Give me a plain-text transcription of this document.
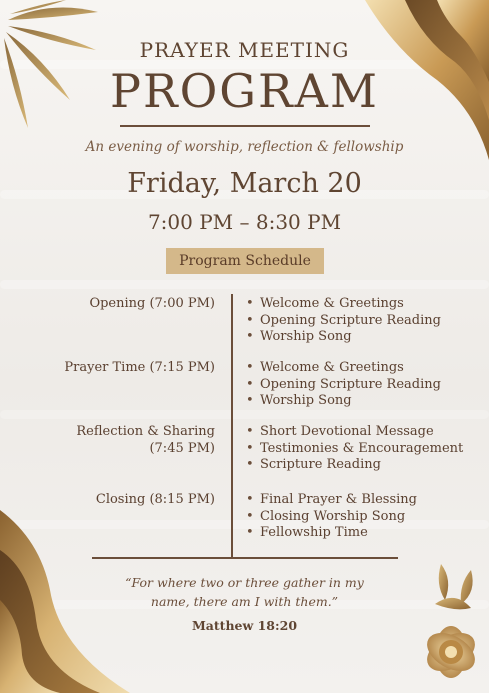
PRAYER MEETING
PROGRAM
An evening of worship, reflection & fellowship
Friday, March 20
7:00 PM – 8:30 PM
Program Schedule
Opening (7:00 PM)	• Welcome & Greetings
• Opening Scripture Reading
• Worship Song
Prayer Time (7:15 PM)	• Welcome & Greetings
• Opening Scripture Reading
• Worship Song
Reflection & Sharing
(7:45 PM)
• Short Devotional Message
• Testimonies & Encouragement
• Scripture Reading
Closing (8:15 PM)	• Final Prayer & Blessing
• Closing Worship Song
• Fellowship Time
“For where two or three gather in my
name, there am I with them.”
Matthew 18:20
